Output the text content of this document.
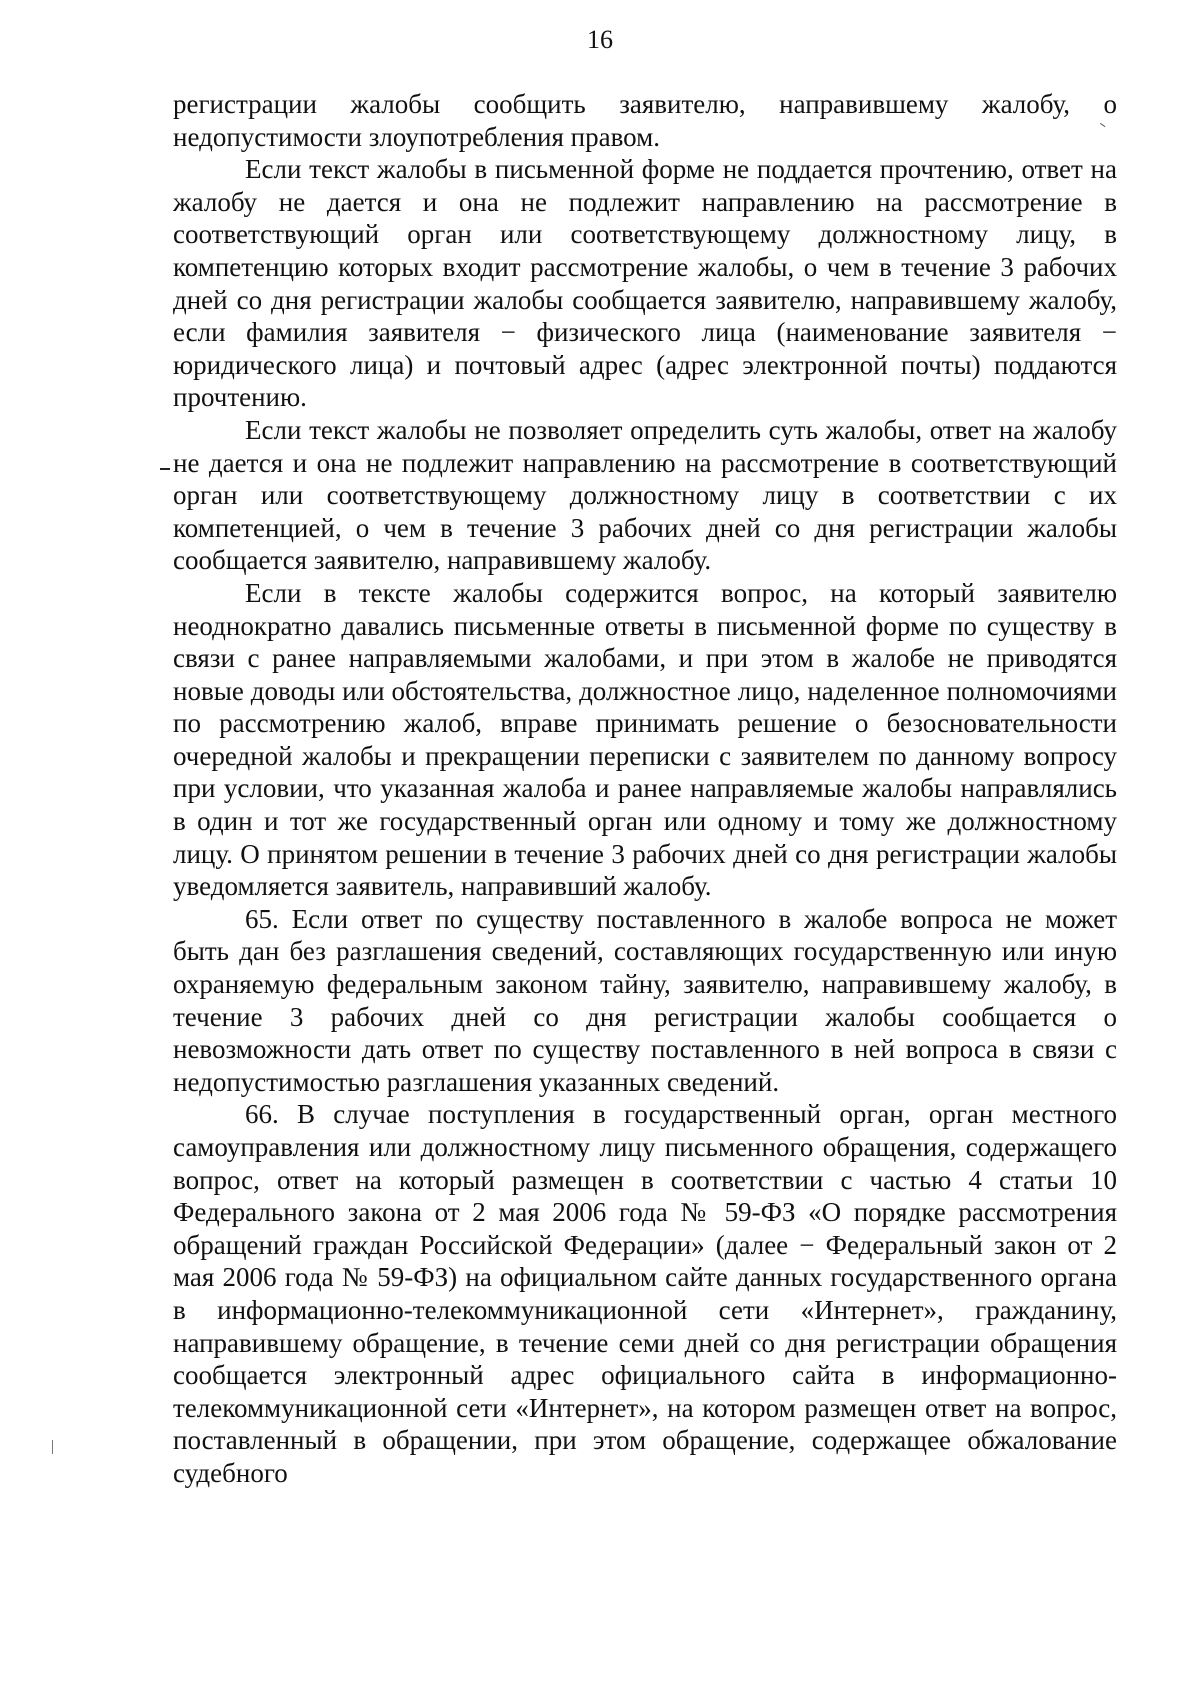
16

регистрации жалобы сообщить заявителю, направившему жалобу, о недопустимости злоупотребления правом.

Если текст жалобы в письменной форме не поддается прочтению, ответ на жалобу не дается и она не подлежит направлению на рассмотрение в соответствующий орган или соответствующему должностному лицу, в компетенцию которых входит рассмотрение жалобы, о чем в течение 3 рабочих дней со дня регистрации жалобы сообщается заявителю, направившему жалобу, если фамилия заявителя − физического лица (наименование заявителя − юридического лица) и почтовый адрес (адрес электронной почты) поддаются прочтению.

Если текст жалобы не позволяет определить суть жалобы, ответ на жалобу не дается и она не подлежит направлению на рассмотрение в соответствующий орган или соответствующему должностному лицу в соответствии с их компетенцией, о чем в течение 3 рабочих дней со дня регистрации жалобы сообщается заявителю, направившему жалобу.

Если в тексте жалобы содержится вопрос, на который заявителю неоднократно давались письменные ответы в письменной форме по существу в связи с ранее направляемыми жалобами, и при этом в жалобе не приводятся новые доводы или обстоятельства, должностное лицо, наделенное полномочиями по рассмотрению жалоб, вправе принимать решение о безосновательности очередной жалобы и прекращении переписки с заявителем по данному вопросу при условии, что указанная жалоба и ранее направляемые жалобы направлялись в один и тот же государственный орган или одному и тому же должностному лицу. О принятом решении в течение 3 рабочих дней со дня регистрации жалобы уведомляется заявитель, направивший жалобу.

65. Если ответ по существу поставленного в жалобе вопроса не может быть дан без разглашения сведений, составляющих государственную или иную охраняемую федеральным законом тайну, заявителю, направившему жалобу, в течение 3 рабочих дней со дня регистрации жалобы сообщается о невозможности дать ответ по существу поставленного в ней вопроса в связи с недопустимостью разглашения указанных сведений.

66. В случае поступления в государственный орган, орган местного самоуправления или должностному лицу письменного обращения, содержащего вопрос, ответ на который размещен в соответствии с частью 4 статьи 10 Федерального закона от 2 мая 2006 года № 59-ФЗ «О порядке рассмотрения обращений граждан Российской Федерации» (далее − Федеральный закон от 2 мая 2006 года № 59-ФЗ) на официальном сайте данных государственного органа в информационно-телекоммуникационной сети «Интернет», гражданину, направившему обращение, в течение семи дней со дня регистрации обращения сообщается электронный адрес официального сайта в информационно-телекоммуникационной сети «Интернет», на котором размещен ответ на вопрос, поставленный в обращении, при этом обращение, содержащее обжалование судебного
